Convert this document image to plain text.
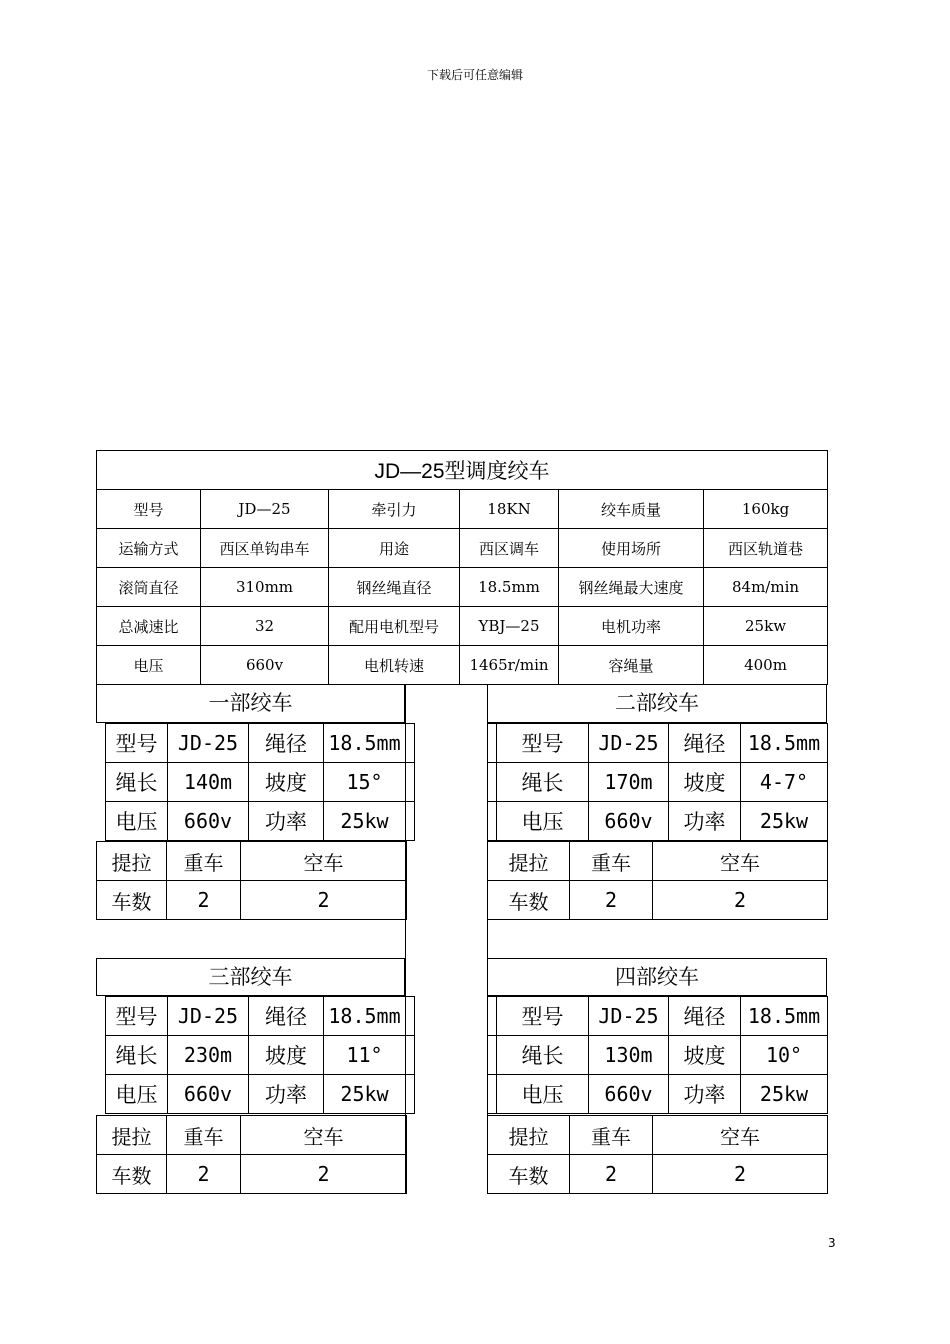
下载后可任意编辑
JD—25型调度绞车					
型号	JD—25	牵引力	18KN	绞车质量	160kg
运输方式	西区单钩串车	用途	西区调车	使用场所	西区轨道巷
滚筒直径	310mm	钢丝绳直径	18.5mm	钢丝绳最大速度	84m/min
总减速比	32	配用电机型号	YBJ—25	电机功率	25kw
电压	660v	电机转速	1465r/min	容绳量	400m
一部绞车
型号	JD-25	绳径	18.5mm	
绳长	140m	坡度	15°	
电压	660v	功率	25kw	
提拉	重车	空车
车数	2	2
二部绞车
	型号	JD-25	绳径	18.5mm
	绳长	170m	坡度	4-7°
	电压	660v	功率	25kw
提拉	重车	空车
车数	2	2
三部绞车
型号	JD-25	绳径	18.5mm	
绳长	230m	坡度	11°	
电压	660v	功率	25kw	
提拉	重车	空车
车数	2	2
四部绞车
	型号	JD-25	绳径	18.5mm
	绳长	130m	坡度	10°
	电压	660v	功率	25kw
提拉	重车	空车
车数	2	2
3
